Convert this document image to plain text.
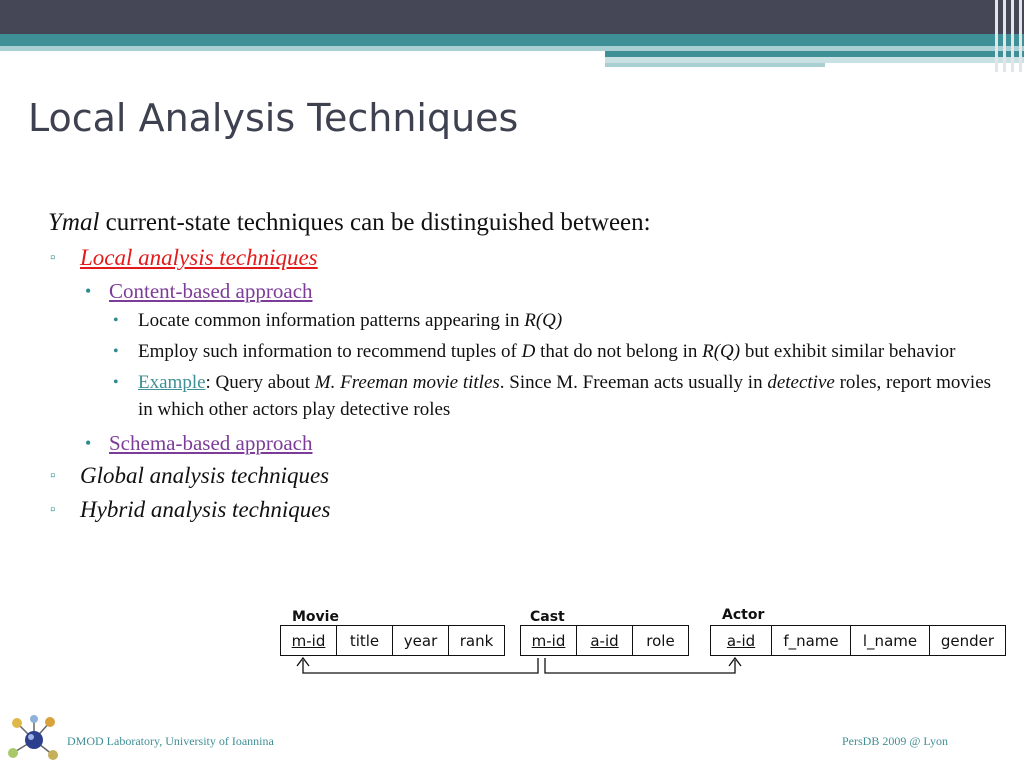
Local Analysis Techniques
Ymal current-state techniques can be distinguished between:
▫ Local analysis techniques
• Content-based approach
• Locate common information patterns appearing in R(Q)
• Employ such information to recommend tuples of D that do not belong in R(Q) but exhibit similar behavior
• Example: Query about M. Freeman movie titles. Since M. Freeman acts usually in detective roles, report movies in which other actors play detective roles
• Schema-based approach
▫ Global analysis techniques
▫ Hybrid analysis techniques
Movie
m-id	title	year	rank
Cast
m-id	a-id	role
Actor
a-id	f_name	l_name	gender
DMOD Laboratory, University of Ioannina	PersDB 2009 @ Lyon
